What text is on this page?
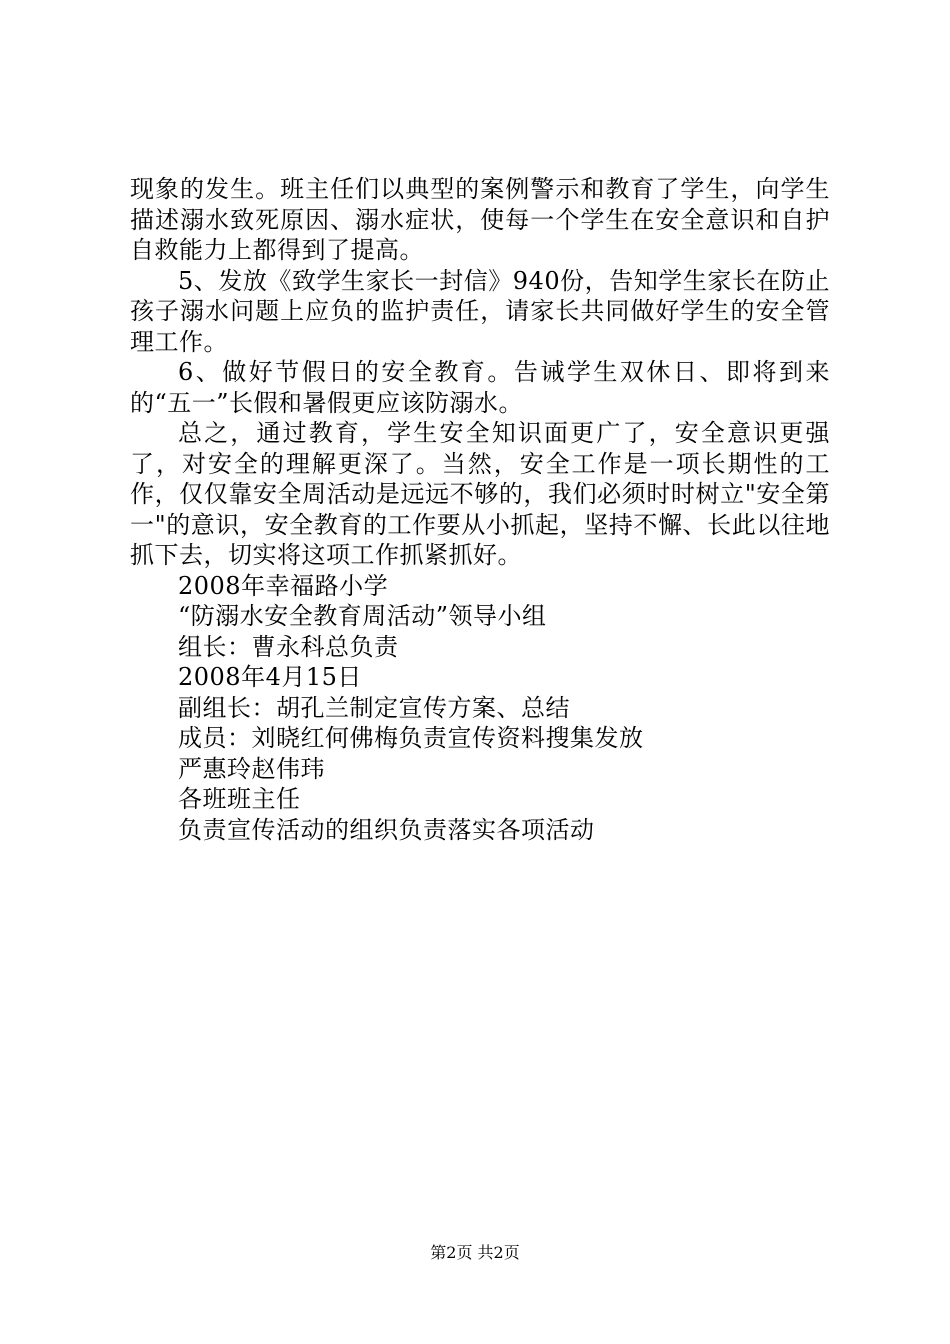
现象的发生。班主任们以典型的案例警示和教育了学生，向学生描述溺水致死原因、溺水症状，使每一个学生在安全意识和自护自救能力上都得到了提高。

5、发放《致学生家长一封信》940份，告知学生家长在防止孩子溺水问题上应负的监护责任，请家长共同做好学生的安全管理工作。

6、做好节假日的安全教育。告诫学生双休日、即将到来的“五一”长假和暑假更应该防溺水。

总之，通过教育，学生安全知识面更广了，安全意识更强了，对安全的理解更深了。当然，安全工作是一项长期性的工作，仅仅靠安全周活动是远远不够的，我们必须时时树立"安全第一"的意识，安全教育的工作要从小抓起，坚持不懈、长此以往地抓下去，切实将这项工作抓紧抓好。

2008年幸福路小学

“防溺水安全教育周活动”领导小组

组长：曹永科总负责

2008年4月15日

副组长：胡孔兰制定宣传方案、总结

成员：刘晓红何佛梅负责宣传资料搜集发放

严惠玲赵伟玮

各班班主任

负责宣传活动的组织负责落实各项活动

第2页 共2页
